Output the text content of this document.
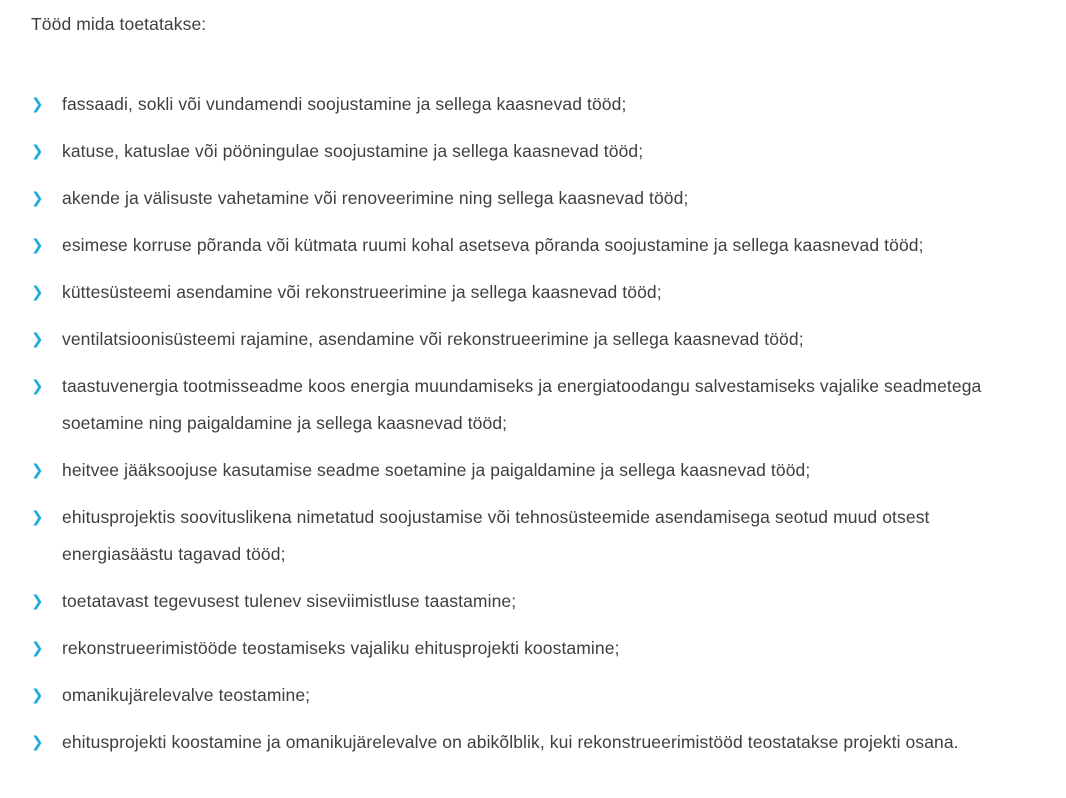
Tööd mida toetatakse:
❯	fassaadi, sokli või vundamendi soojustamine ja sellega kaasnevad tööd;
❯	katuse, katuslae või pööningulae soojustamine ja sellega kaasnevad tööd;
❯	akende ja välisuste vahetamine või renoveerimine ning sellega kaasnevad tööd;
❯	esimese korruse põranda või kütmata ruumi kohal asetseva põranda soojustamine ja sellega kaasnevad tööd;
❯	küttesüsteemi asendamine või rekonstrueerimine ja sellega kaasnevad tööd;
❯	ventilatsioonisüsteemi rajamine, asendamine või rekonstrueerimine ja sellega kaasnevad tööd;
❯	taastuvenergia tootmisseadme koos energia muundamiseks ja energiatoodangu salvestamiseks vajalike seadmetega soetamine ning paigaldamine ja sellega kaasnevad tööd;
❯	heitvee jääksoojuse kasutamise seadme soetamine ja paigaldamine ja sellega kaasnevad tööd;
❯	ehitusprojektis soovituslikena nimetatud soojustamise või tehnosüsteemide asendamisega seotud muud otsest energiasäästu tagavad tööd;
❯	toetatavast tegevusest tulenev siseviimistluse taastamine;
❯	rekonstrueerimistööde teostamiseks vajaliku ehitusprojekti koostamine;
❯	omanikujärelevalve teostamine;
❯	ehitusprojekti koostamine ja omanikujärelevalve on abikõlblik, kui rekonstrueerimistööd teostatakse projekti osana.
